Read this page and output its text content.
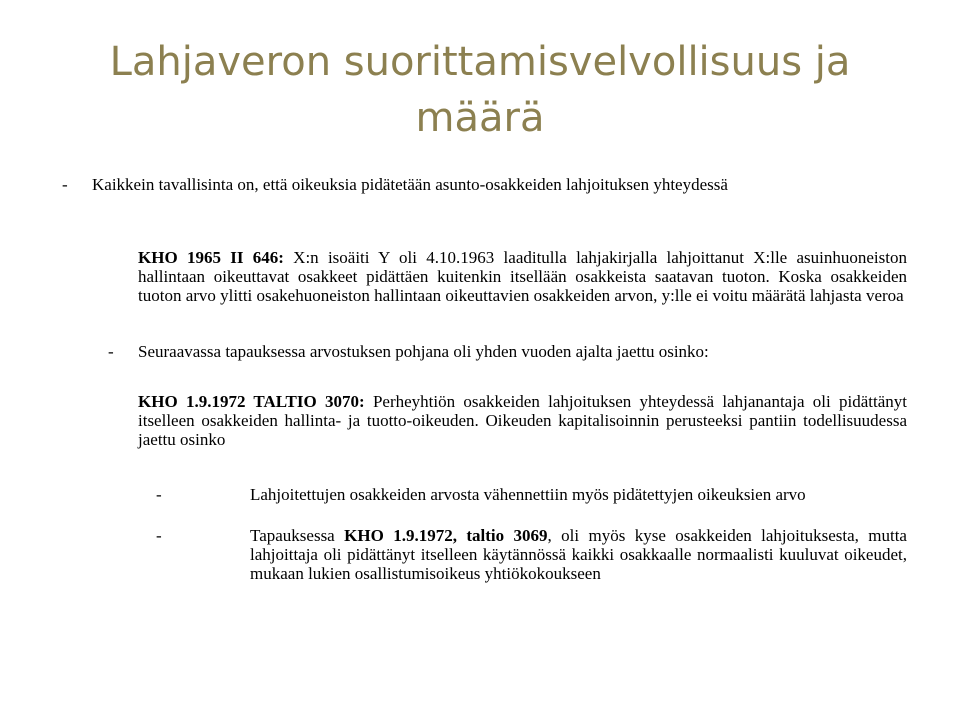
Lahjaveron suorittamisvelvollisuus ja määrä
- Kaikkein tavallisinta on, että oikeuksia pidätetään asunto-osakkeiden lahjoituksen yhteydessä
KHO 1965 II 646: X:n isoäiti Y oli 4.10.1963 laaditulla lahjakirjalla lahjoittanut X:lle asuinhuoneiston hallintaan oikeuttavat osakkeet pidättäen kuitenkin itsellään osakkeista saatavan tuoton. Koska osakkeiden tuoton arvo ylitti osakehuoneiston hallintaan oikeuttavien osakkeiden arvon, y:lle ei voitu määrätä lahjasta veroa
- Seuraavassa tapauksessa arvostuksen pohjana oli yhden vuoden ajalta jaettu osinko:
KHO 1.9.1972 TALTIO 3070: Perheyhtiön osakkeiden lahjoituksen yhteydessä lahjanantaja oli pidättänyt itselleen osakkeiden hallinta- ja tuotto-oikeuden. Oikeuden kapitalisoinnin perusteeksi pantiin todellisuudessa jaettu osinko
-	Lahjoitettujen osakkeiden arvosta vähennettiin myös pidätettyjen oikeuksien arvo
-	Tapauksessa KHO 1.9.1972, taltio 3069, oli myös kyse osakkeiden lahjoituksesta, mutta lahjoittaja oli pidättänyt itselleen käytännössä kaikki osakkaalle normaalisti kuuluvat oikeudet, mukaan lukien osallistumisoikeus yhtiökokoukseen
